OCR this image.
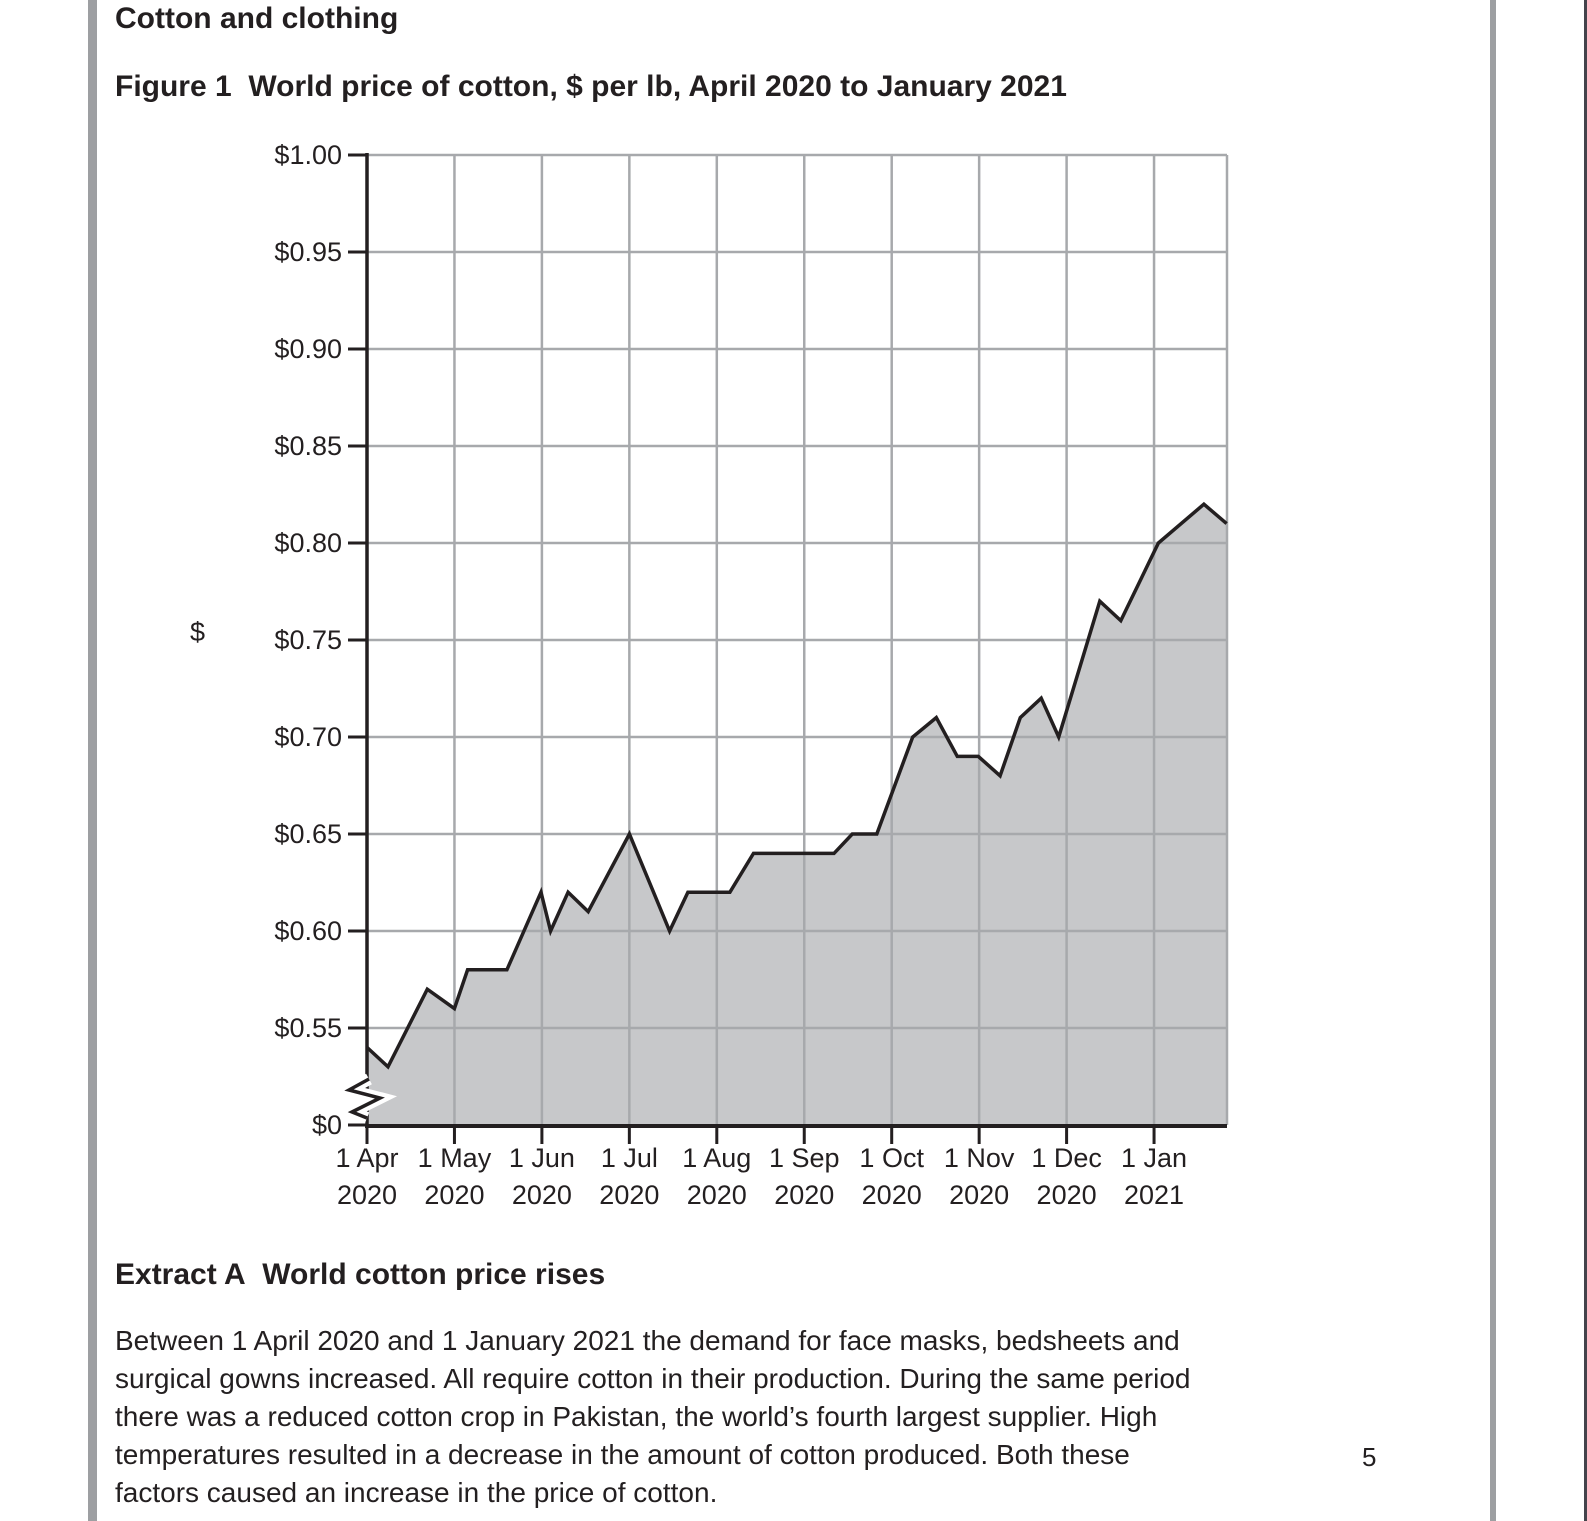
Cotton and clothing
Figure 1  World price of cotton, $ per lb, April 2020 to January 2021
$1.00
$0.95
$0.90
$0.85
$0.80
$0.75
$0.70
$0.65
$0.60
$0.55
$0
1 Apr 2020
1 May 2020
1 Jun 2020
1 Jul 2020
1 Aug 2020
1 Sep 2020
1 Oct 2020
1 Nov 2020
1 Dec 2020
1 Jan 2021
$
Extract A  World cotton price rises
Between 1 April 2020 and 1 January 2021 the demand for face masks, bedsheets and
surgical gowns increased. All require cotton in their production. During the same period
there was a reduced cotton crop in Pakistan, the world’s fourth largest supplier. High
temperatures resulted in a decrease in the amount of cotton produced. Both these
factors caused an increase in the price of cotton.
5
